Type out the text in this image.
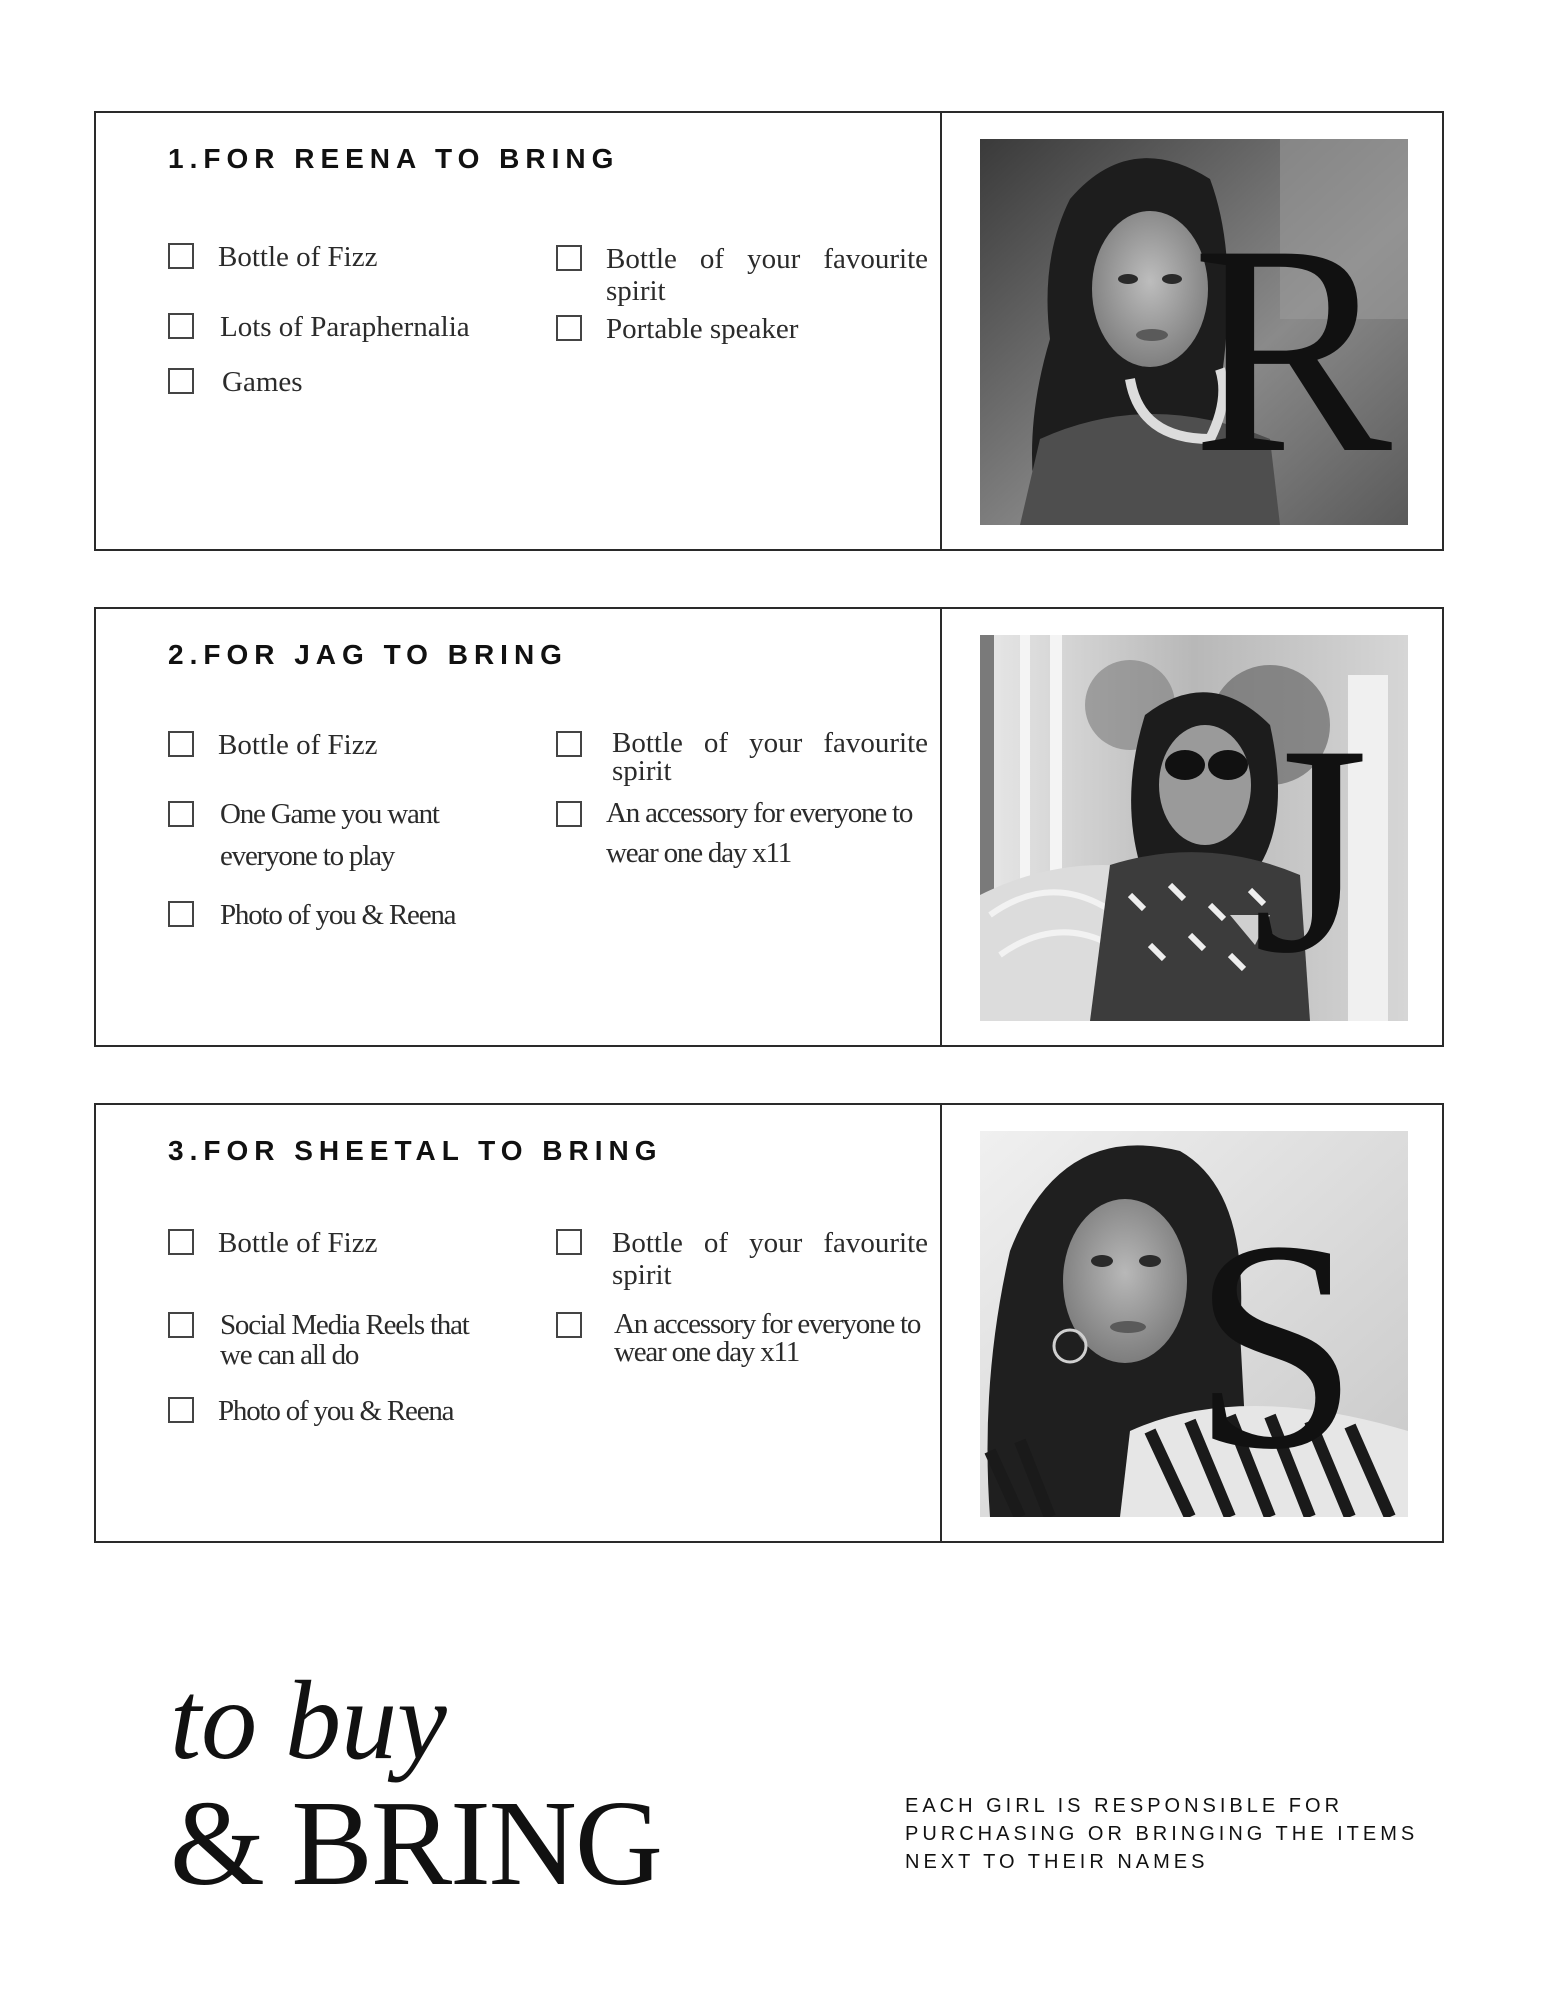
1.FOR REENA TO BRING
Bottle of Fizz
Lots of Paraphernalia
Games
Bottle of your favourite spirit
Portable speaker	R
2.FOR JAG TO BRING
Bottle of Fizz
One Game you want everyone to play
Photo of you & Reena
Bottle of your favourite spirit
An accessory for everyone to wear one day x11	J
3.FOR SHEETAL TO BRING
Bottle of Fizz
Social Media Reels that we can all do
Photo of you & Reena
Bottle of your favourite spirit
An accessory for everyone to wear one day x11	S
to buy
& BRING	EACH GIRL IS RESPONSIBLE FOR
PURCHASING OR BRINGING THE ITEMS
NEXT TO THEIR NAMES
